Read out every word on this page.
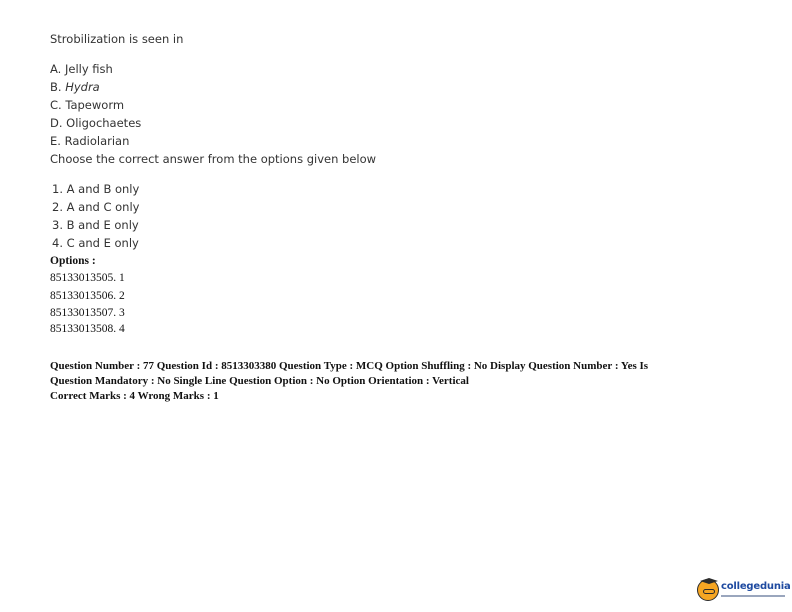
Strobilization is seen in
A. Jelly fish
B. Hydra
C. Tapeworm
D. Oligochaetes
E. Radiolarian
Choose the correct answer from the options given below
1. A and B only
2. A and C only
3. B and E only
4. C and E only
Options :
85133013505. 1
85133013506. 2
85133013507. 3
85133013508. 4
Question Number : 77 Question Id : 8513303380 Question Type : MCQ Option Shuffling : No Display Question Number : Yes Is
Question Mandatory : No Single Line Question Option : No Option Orientation : Vertical
Correct Marks : 4 Wrong Marks : 1
collegedunia
